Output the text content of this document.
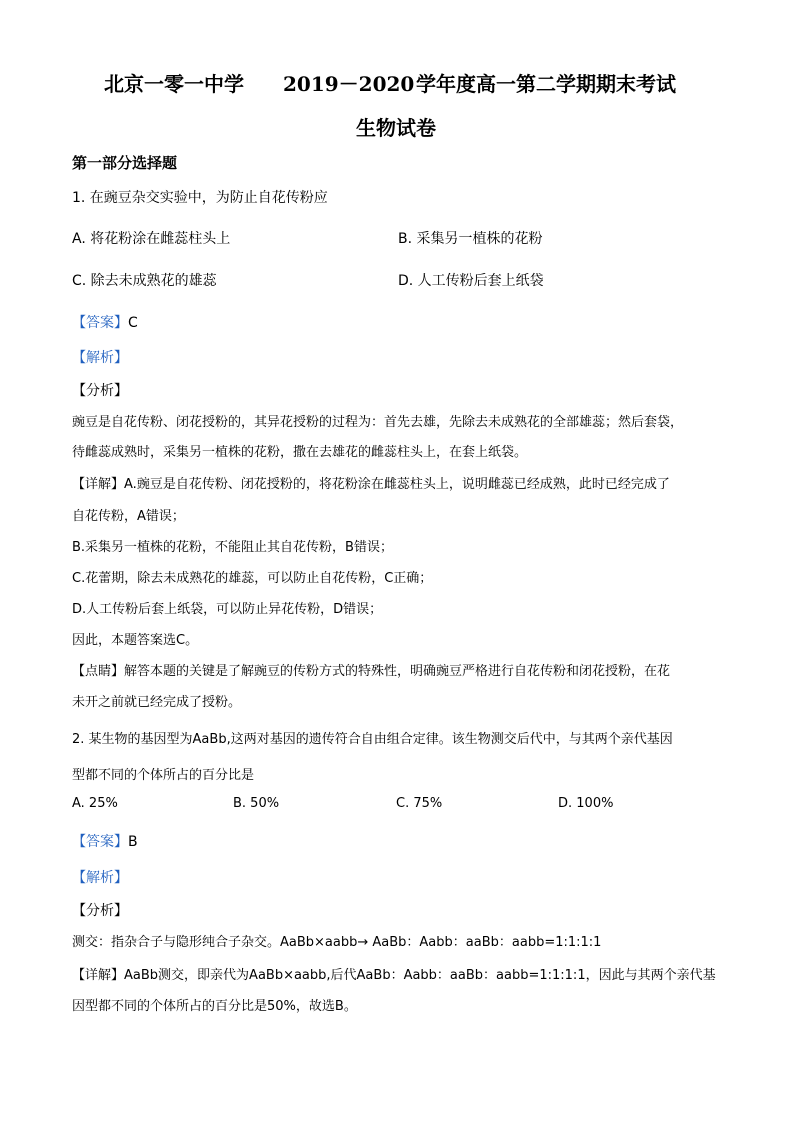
北京一零一中学 2019－2020 学年度高一第二学期期末考试
生物试卷
第一部分选择题
1. 在豌豆杂交实验中，为防止自花传粉应
A. 将花粉涂在雌蕊柱头上	B. 采集另一植株的花粉
C. 除去未成熟花的雄蕊	D. 人工传粉后套上纸袋
【答案】C
【解析】
【分析】
豌豆是自花传粉、闭花授粉的，其异花授粉的过程为：首先去雄，先除去未成熟花的全部雄蕊；然后套袋，
待雌蕊成熟时，采集另一植株的花粉，撒在去雄花的雌蕊柱头上，在套上纸袋。
【详解】A.豌豆是自花传粉、闭花授粉的，将花粉涂在雌蕊柱头上，说明雌蕊已经成熟，此时已经完成了
自花传粉，A错误；
B.采集另一植株的花粉，不能阻止其自花传粉，B错误；
C.花蕾期，除去未成熟花的雄蕊，可以防止自花传粉，C正确；
D.人工传粉后套上纸袋，可以防止异花传粉，D错误；
因此，本题答案选C。
【点睛】解答本题的关键是了解豌豆的传粉方式的特殊性，明确豌豆严格进行自花传粉和闭花授粉，在花
未开之前就已经完成了授粉。
2. 某生物的基因型为AaBb,这两对基因的遗传符合自由组合定律。该生物测交后代中，与其两个亲代基因
型都不同的个体所占的百分比是
A. 25%	B. 50%	C. 75%	D. 100%
【答案】B
【解析】
【分析】
测交：指杂合子与隐形纯合子杂交。AaBb×aabb→ AaBb：Aabb：aaBb：aabb=1:1:1:1
【详解】AaBb测交，即亲代为AaBb×aabb,后代AaBb：Aabb：aaBb：aabb=1:1:1:1，因此与其两个亲代基
因型都不同的个体所占的百分比是50%，故选B。
